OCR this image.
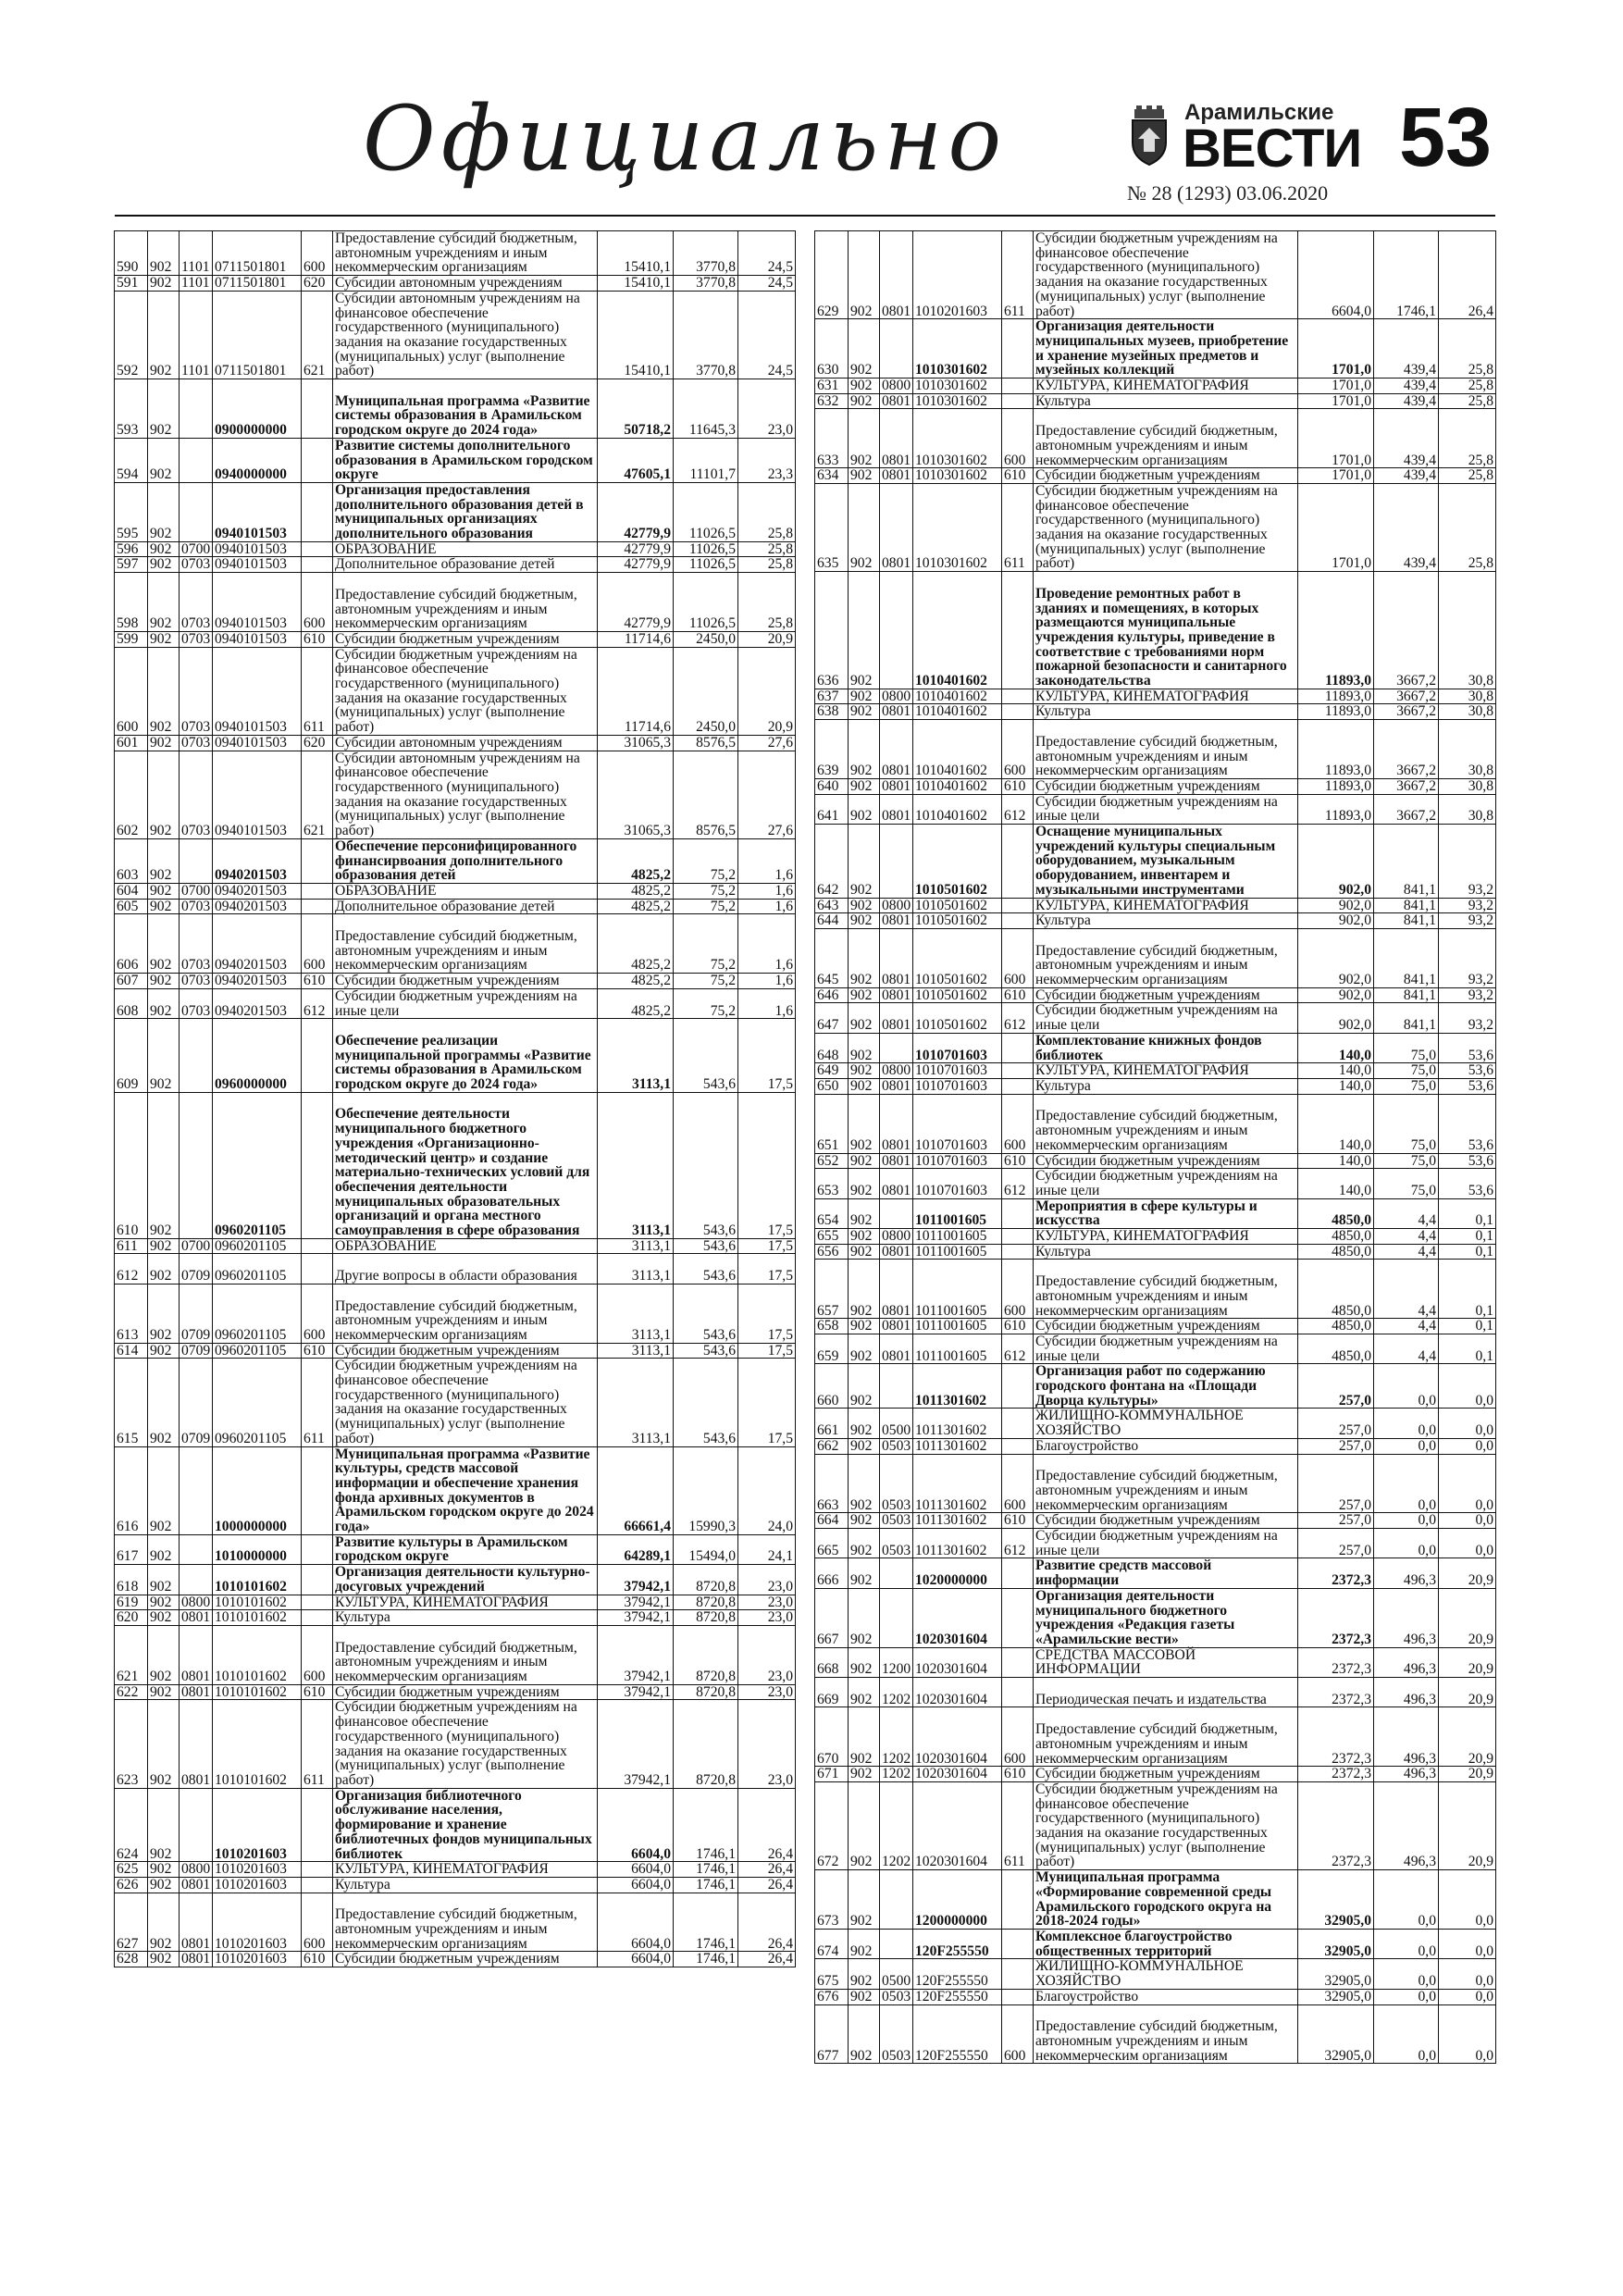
Официально	Арамильские
ВЕСТИ
№ 28 (1293) 03.06.2020
53
590	902	1101	0711501801	600	Предоставление субсидий бюджетным, автономным учреждениям и иным некоммерческим организациям	15410,1	3770,8	24,5
591	902	1101	0711501801	620	Субсидии автономным учреждениям	15410,1	3770,8	24,5
592	902	1101	0711501801	621	Субсидии автономным учреждениям на финансовое обеспечение государственного (муниципального) задания на оказание государственных (муниципальных) услуг (выполнение работ)	15410,1	3770,8	24,5
593	902		0900000000		Муниципальная программа «Развитие системы образования в Арамильском городском округе до 2024 года»	50718,2	11645,3	23,0
594	902		0940000000		Развитие системы дополнительного образования в Арамильском городском округе	47605,1	11101,7	23,3
595	902		0940101503		Организация предоставления дополнительного образования детей в муниципальных организациях дополнительного образования	42779,9	11026,5	25,8
596	902	0700	0940101503		ОБРАЗОВАНИЕ	42779,9	11026,5	25,8
597	902	0703	0940101503		Дополнительное образование детей	42779,9	11026,5	25,8
598	902	0703	0940101503	600	Предоставление субсидий бюджетным, автономным учреждениям и иным некоммерческим организациям	42779,9	11026,5	25,8
599	902	0703	0940101503	610	Субсидии бюджетным учреждениям	11714,6	2450,0	20,9
600	902	0703	0940101503	611	Субсидии бюджетным учреждениям на финансовое обеспечение государственного (муниципального) задания на оказание государственных (муниципальных) услуг (выполнение работ)	11714,6	2450,0	20,9
601	902	0703	0940101503	620	Субсидии автономным учреждениям	31065,3	8576,5	27,6
602	902	0703	0940101503	621	Субсидии автономным учреждениям на финансовое обеспечение государственного (муниципального) задания на оказание государственных (муниципальных) услуг (выполнение работ)	31065,3	8576,5	27,6
603	902		0940201503		Обеспечение персонифицированного финансирвоания дополнительного образования детей	4825,2	75,2	1,6
604	902	0700	0940201503		ОБРАЗОВАНИЕ	4825,2	75,2	1,6
605	902	0703	0940201503		Дополнительное образование детей	4825,2	75,2	1,6
606	902	0703	0940201503	600	Предоставление субсидий бюджетным, автономным учреждениям и иным некоммерческим организациям	4825,2	75,2	1,6
607	902	0703	0940201503	610	Субсидии бюджетным учреждениям	4825,2	75,2	1,6
608	902	0703	0940201503	612	Субсидии бюджетным учреждениям на иные цели	4825,2	75,2	1,6
609	902		0960000000		Обеспечение реализации муниципальной программы «Развитие системы образования в Арамильском городском округе до 2024 года»	3113,1	543,6	17,5
610	902		0960201105		Обеспечение деятельности муниципального бюджетного учреждения «Организационно-методический центр» и создание материально-технических условий для обеспечения деятельности муниципальных образовательных организаций и органа местного самоуправления в сфере образования	3113,1	543,6	17,5
611	902	0700	0960201105		ОБРАЗОВАНИЕ	3113,1	543,6	17,5
612	902	0709	0960201105		Другие вопросы в области образования	3113,1	543,6	17,5
613	902	0709	0960201105	600	Предоставление субсидий бюджетным, автономным учреждениям и иным некоммерческим организациям	3113,1	543,6	17,5
614	902	0709	0960201105	610	Субсидии бюджетным учреждениям	3113,1	543,6	17,5
615	902	0709	0960201105	611	Субсидии бюджетным учреждениям на финансовое обеспечение государственного (муниципального) задания на оказание государственных (муниципальных) услуг (выполнение работ)	3113,1	543,6	17,5
616	902		1000000000		Муниципальная программа «Развитие культуры, средств массовой информации и обеспечение хранения фонда архивных документов в Арамильском городском округе до 2024 года»	66661,4	15990,3	24,0
617	902		1010000000		Развитие культуры в Арамильском городском округе	64289,1	15494,0	24,1
618	902		1010101602		Организация деятельности культурно-досуговых учреждений	37942,1	8720,8	23,0
619	902	0800	1010101602		КУЛЬТУРА, КИНЕМАТОГРАФИЯ	37942,1	8720,8	23,0
620	902	0801	1010101602		Культура	37942,1	8720,8	23,0
621	902	0801	1010101602	600	Предоставление субсидий бюджетным, автономным учреждениям и иным некоммерческим организациям	37942,1	8720,8	23,0
622	902	0801	1010101602	610	Субсидии бюджетным учреждениям	37942,1	8720,8	23,0
623	902	0801	1010101602	611	Субсидии бюджетным учреждениям на финансовое обеспечение государственного (муниципального) задания на оказание государственных (муниципальных) услуг (выполнение работ)	37942,1	8720,8	23,0
624	902		1010201603		Организация библиотечного обслуживание населения, формирование и хранение библиотечных фондов муниципальных библиотек	6604,0	1746,1	26,4
625	902	0800	1010201603		КУЛЬТУРА, КИНЕМАТОГРАФИЯ	6604,0	1746,1	26,4
626	902	0801	1010201603		Культура	6604,0	1746,1	26,4
627	902	0801	1010201603	600	Предоставление субсидий бюджетным, автономным учреждениям и иным некоммерческим организациям	6604,0	1746,1	26,4
628	902	0801	1010201603	610	Субсидии бюджетным учреждениям	6604,0	1746,1	26,4
629	902	0801	1010201603	611	Субсидии бюджетным учреждениям на финансовое обеспечение государственного (муниципального) задания на оказание государственных (муниципальных) услуг (выполнение работ)	6604,0	1746,1	26,4
630	902		1010301602		Организация деятельности муниципальных музеев, приобретение и хранение музейных предметов и музейных коллекций	1701,0	439,4	25,8
631	902	0800	1010301602		КУЛЬТУРА, КИНЕМАТОГРАФИЯ	1701,0	439,4	25,8
632	902	0801	1010301602		Культура	1701,0	439,4	25,8
633	902	0801	1010301602	600	Предоставление субсидий бюджетным, автономным учреждениям и иным некоммерческим организациям	1701,0	439,4	25,8
634	902	0801	1010301602	610	Субсидии бюджетным учреждениям	1701,0	439,4	25,8
635	902	0801	1010301602	611	Субсидии бюджетным учреждениям на финансовое обеспечение государственного (муниципального) задания на оказание государственных (муниципальных) услуг (выполнение работ)	1701,0	439,4	25,8
636	902		1010401602		Проведение ремонтных работ в зданиях и помещениях, в которых размещаются муниципальные учреждения культуры, приведение в соответствие с требованиями норм пожарной безопасности и санитарного законодательства	11893,0	3667,2	30,8
637	902	0800	1010401602		КУЛЬТУРА, КИНЕМАТОГРАФИЯ	11893,0	3667,2	30,8
638	902	0801	1010401602		Культура	11893,0	3667,2	30,8
639	902	0801	1010401602	600	Предоставление субсидий бюджетным, автономным учреждениям и иным некоммерческим организациям	11893,0	3667,2	30,8
640	902	0801	1010401602	610	Субсидии бюджетным учреждениям	11893,0	3667,2	30,8
641	902	0801	1010401602	612	Субсидии бюджетным учреждениям на иные цели	11893,0	3667,2	30,8
642	902		1010501602		Оснащение муниципальных учреждений культуры специальным оборудованием, музыкальным оборудованием, инвентарем и музыкальными инструментами	902,0	841,1	93,2
643	902	0800	1010501602		КУЛЬТУРА, КИНЕМАТОГРАФИЯ	902,0	841,1	93,2
644	902	0801	1010501602		Культура	902,0	841,1	93,2
645	902	0801	1010501602	600	Предоставление субсидий бюджетным, автономным учреждениям и иным некоммерческим организациям	902,0	841,1	93,2
646	902	0801	1010501602	610	Субсидии бюджетным учреждениям	902,0	841,1	93,2
647	902	0801	1010501602	612	Субсидии бюджетным учреждениям на иные цели	902,0	841,1	93,2
648	902		1010701603		Комплектование книжных фондов библиотек	140,0	75,0	53,6
649	902	0800	1010701603		КУЛЬТУРА, КИНЕМАТОГРАФИЯ	140,0	75,0	53,6
650	902	0801	1010701603		Культура	140,0	75,0	53,6
651	902	0801	1010701603	600	Предоставление субсидий бюджетным, автономным учреждениям и иным некоммерческим организациям	140,0	75,0	53,6
652	902	0801	1010701603	610	Субсидии бюджетным учреждениям	140,0	75,0	53,6
653	902	0801	1010701603	612	Субсидии бюджетным учреждениям на иные цели	140,0	75,0	53,6
654	902		1011001605		Мероприятия в сфере культуры и искусства	4850,0	4,4	0,1
655	902	0800	1011001605		КУЛЬТУРА, КИНЕМАТОГРАФИЯ	4850,0	4,4	0,1
656	902	0801	1011001605		Культура	4850,0	4,4	0,1
657	902	0801	1011001605	600	Предоставление субсидий бюджетным, автономным учреждениям и иным некоммерческим организациям	4850,0	4,4	0,1
658	902	0801	1011001605	610	Субсидии бюджетным учреждениям	4850,0	4,4	0,1
659	902	0801	1011001605	612	Субсидии бюджетным учреждениям на иные цели	4850,0	4,4	0,1
660	902		1011301602		Организация работ по содержанию городского фонтана на «Площади Дворца культуры»	257,0	0,0	0,0
661	902	0500	1011301602		ЖИЛИЩНО-КОММУНАЛЬНОЕ ХОЗЯЙСТВО	257,0	0,0	0,0
662	902	0503	1011301602		Благоустройство	257,0	0,0	0,0
663	902	0503	1011301602	600	Предоставление субсидий бюджетным, автономным учреждениям и иным некоммерческим организациям	257,0	0,0	0,0
664	902	0503	1011301602	610	Субсидии бюджетным учреждениям	257,0	0,0	0,0
665	902	0503	1011301602	612	Субсидии бюджетным учреждениям на иные цели	257,0	0,0	0,0
666	902		1020000000		Развитие средств массовой информации	2372,3	496,3	20,9
667	902		1020301604		Организация деятельности муниципального бюджетного учреждения «Редакция газеты «Арамильские вести»	2372,3	496,3	20,9
668	902	1200	1020301604		СРЕДСТВА МАССОВОЙ ИНФОРМАЦИИ	2372,3	496,3	20,9
669	902	1202	1020301604		Периодическая печать и издательства	2372,3	496,3	20,9
670	902	1202	1020301604	600	Предоставление субсидий бюджетным, автономным учреждениям и иным некоммерческим организациям	2372,3	496,3	20,9
671	902	1202	1020301604	610	Субсидии бюджетным учреждениям	2372,3	496,3	20,9
672	902	1202	1020301604	611	Субсидии бюджетным учреждениям на финансовое обеспечение государственного (муниципального) задания на оказание государственных (муниципальных) услуг (выполнение работ)	2372,3	496,3	20,9
673	902		1200000000		Муниципальная программа «Формирование современной среды Арамильского городского округа на 2018-2024 годы»	32905,0	0,0	0,0
674	902		120F255550		Комплексное благоустройство общественных территорий	32905,0	0,0	0,0
675	902	0500	120F255550		ЖИЛИЩНО-КОММУНАЛЬНОЕ ХОЗЯЙСТВО	32905,0	0,0	0,0
676	902	0503	120F255550		Благоустройство	32905,0	0,0	0,0
677	902	0503	120F255550	600	Предоставление субсидий бюджетным, автономным учреждениям и иным некоммерческим организациям	32905,0	0,0	0,0
